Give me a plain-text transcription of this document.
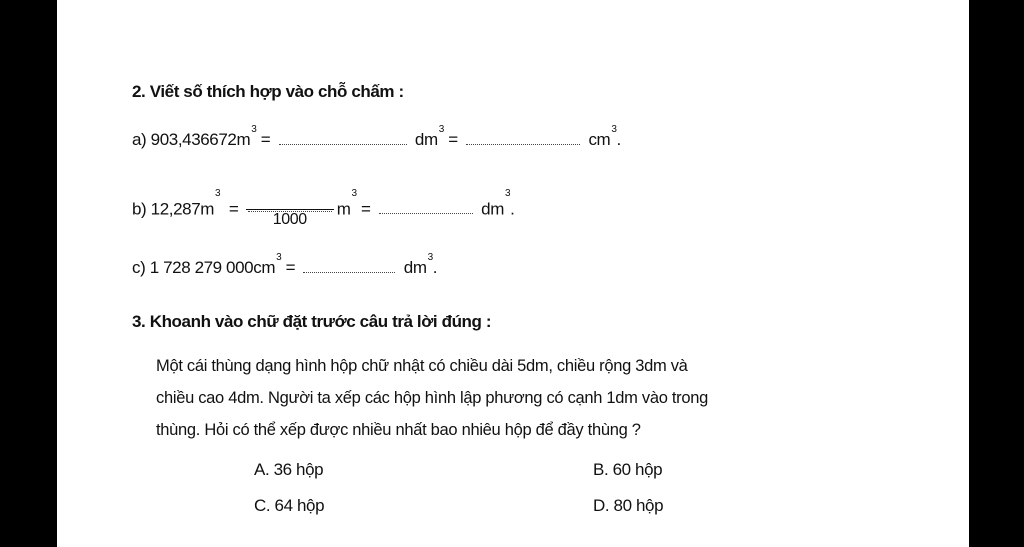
2. Viết số thích hợp vào chỗ chấm :
a) $903,436672m^3$ =	$dm^3$ =	$cm^3$.
b) $12,287m^3$  =
1000
$m^3$ =	$dm^3$.
c) 1 728 279 $000cm^3$ =	$dm^3$.
3. Khoanh vào chữ đặt trước câu trả lời đúng :
Một cái thùng dạng hình hộp chữ nhật có chiều dài 5dm, chiều rộng 3dm và
chiều cao 4dm. Người ta xếp các hộp hình lập phương có cạnh 1dm vào trong
thùng. Hỏi có thể xếp được nhiều nhất bao nhiêu hộp để đầy thùng ?
A. 36 hộp	B. 60 hộp
C. 64 hộp	D. 80 hộp
